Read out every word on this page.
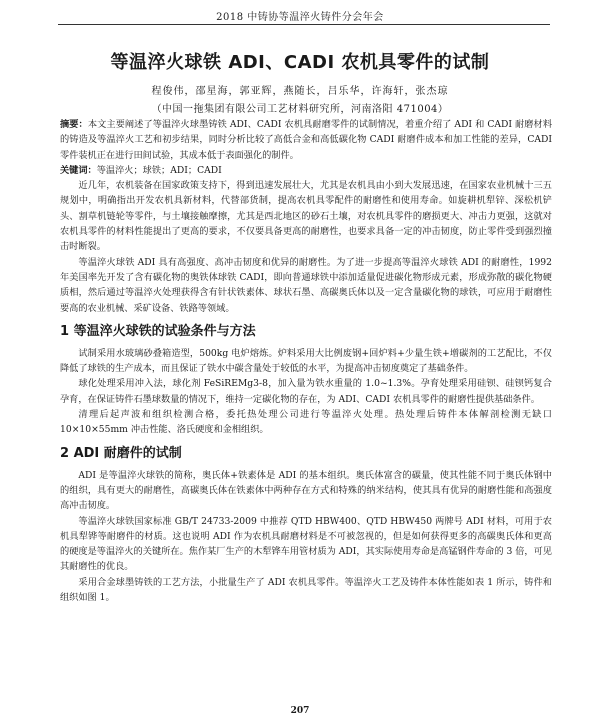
2018 中铸协等温淬火铸件分会年会
等温淬火球铁 ADI、CADI 农机具零件的试制
程俊伟，邵星海，郭亚辉，燕随长，吕乐华，许海轩，张杰琼
（中国一拖集团有限公司工艺材料研究所，河南洛阳 471004）

摘要：本文主要阐述了等温淬火球墨铸铁 ADI、CADI 农机具耐磨零件的试制情况，着重介绍了 ADI 和 CADI 耐磨材料的铸造及等温淬火工艺和初步结果，同时分析比较了高低合金和高低碳化物 CADI 耐磨件成本和加工性能的差异，CADI 零件装机正在进行田间试验，其成本低于表面强化的制件。

关键词：等温淬火；球铁；ADI；CADI

近几年，农机装备在国家政策支持下，得到迅速发展壮大，尤其是农机具由小到大发展迅速，在国家农业机械十三五规划中，明确指出开发农机具新材料，代替部货制，提高农机具零配件的耐磨性和使用寿命。如旋耕机犁锌、深松机铲头、割草机链轮等零件，与土壤接触摩擦，尤其是西北地区的砂石土壤，对农机具零件的磨损更大、冲击力更强，这就对农机具零件的材料性能提出了更高的要求，不仅要具备更高的耐磨性，也要求具备一定的冲击韧度，防止零件受到强烈撞击时断裂。

等温淬火球铁 ADI 具有高强度、高冲击韧度和优异的耐磨性。为了进一步提高等温淬火球铁 ADI 的耐磨性，1992 年美国率先开发了含有碳化物的奥铁体球铁 CADI，即向普通球铁中添加适量促进碳化物形成元素，形成弥散的碳化物硬质相，然后通过等温淬火处理获得含有针状铁素体、球状石墨、高碳奥氏体以及一定含量碳化物的球铁，可应用于耐磨性要高的农业机械、采矿设备、铁路等领域。

1 等温淬火球铁的试验条件与方法

试制采用水玻璃砂叠箱造型，500kg 电炉熔炼。炉料采用大比例废钢+回炉料+少量生铁+增碳剂的工艺配比，不仅降低了球铁的生产成本，而且保证了铁水中碳含量处于较低的水平，为提高冲击韧度奠定了基础条件。

球化处理采用冲入法，球化剂 FeSiREMg3-8，加入量为铁水重量的 1.0~1.3%。孕育处理采用硅钡、硅钡钙复合孕育，在保证铸件石墨球数量的情况下，维持一定碳化物的存在，为 ADI、CADI 农机具零件的耐磨性提供基础条件。

清理后起声波和组织检测合格，委托热处理公司进行等温淬火处理。热处理后铸件本体解剖检测无缺口 10×10×55mm 冲击性能、洛氏硬度和金相组织。

2 ADI 耐磨件的试制

ADI 是等温淬火球铁的简称，奥氏体+铁素体是 ADI 的基本组织。奥氏体富含的碳量，使其性能不同于奥氏体钢中的组织，具有更大的耐磨性，高碳奥氏体在铁素体中两种存在方式和特殊的纳米结构，使其具有优异的耐磨性能和高强度高冲击韧度。

等温淬火球铁国家标准 GB/T 24733-2009 中推荐 QTD HBW400、QTD HBW450 两牌号 ADI 材料，可用于农机具犁铧等耐磨件的材质。这也说明 ADI 作为农机具耐磨材料是不可被忽视的，但是如何获得更多的高碳奥氏体和更高的硬度是等温淬火的关键所在。焦作某厂生产的木犁铧车用管材质为 ADI，其实际使用寿命是高锰钢件寿命的 3 倍，可见其耐磨性的优良。

采用合金球墨铸铁的工艺方法，小批量生产了 ADI 农机具零件。等温淬火工艺及铸件本体性能如表 1 所示，铸件和组织如图 1。

207
